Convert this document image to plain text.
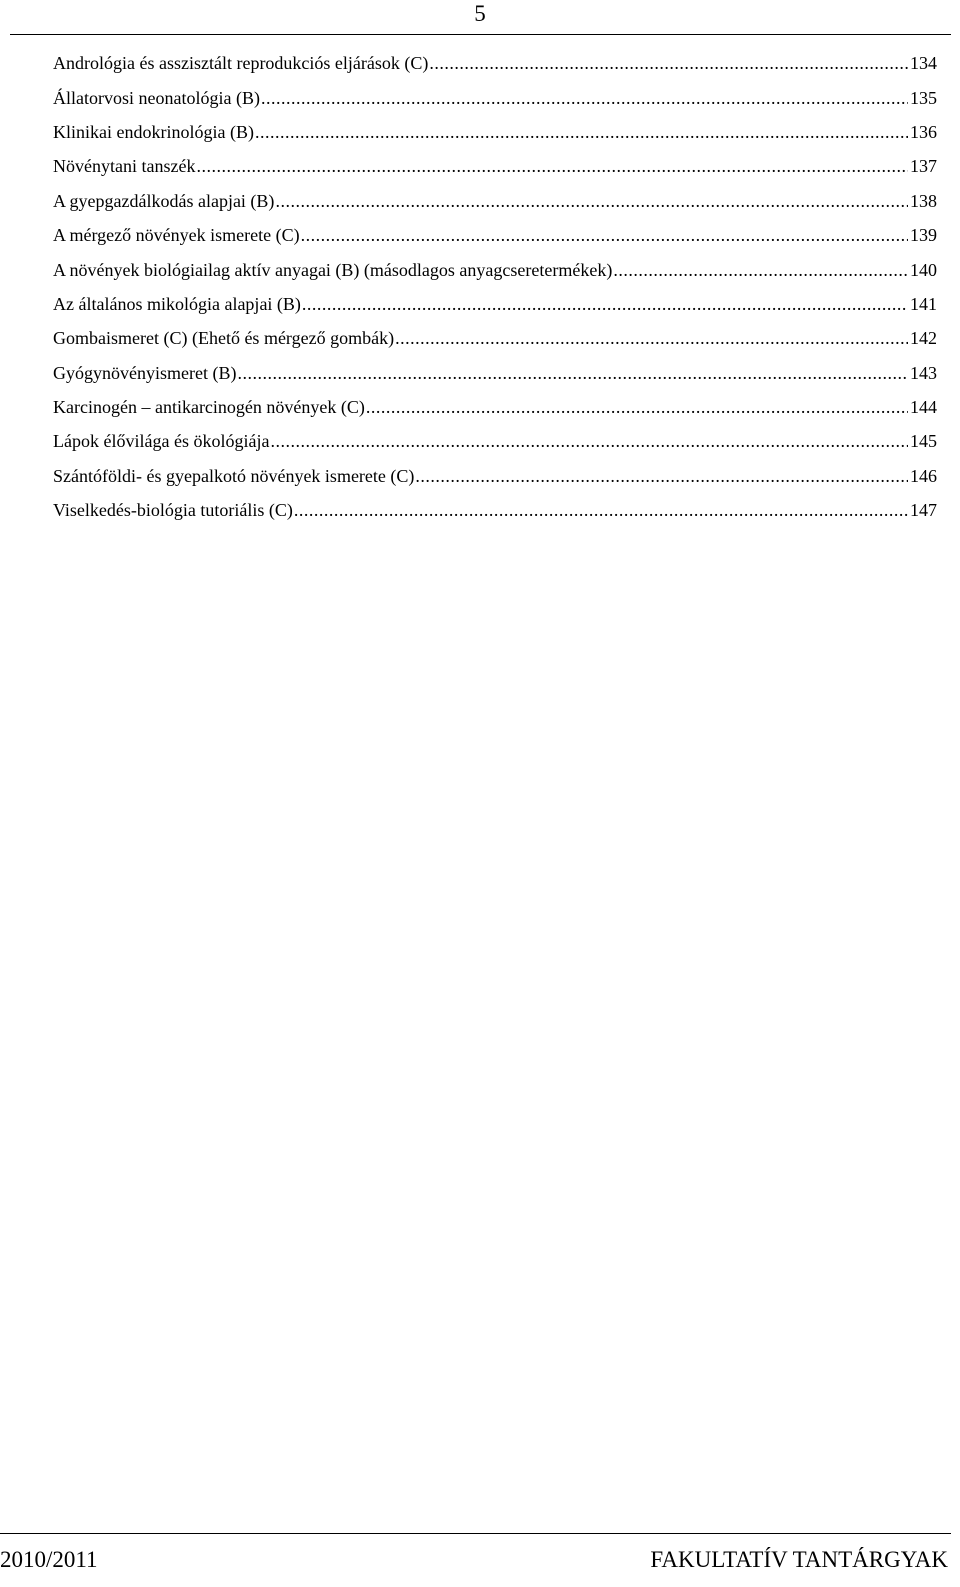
5
Andrológia és asszisztált reprodukciós eljárások (C) .....	134
Állatorvosi neonatológia (B) .....	135
Klinikai endokrinológia (B) .....	136
Növénytani tanszék .....	137
A gyepgazdálkodás alapjai (B) .....	138
A mérgező növények ismerete (C) .....	139
A növények biológiailag aktív anyagai (B) (másodlagos anyagcseretermékek) .....	140
Az általános mikológia alapjai (B) .....	141
Gombaismeret (C) (Ehető és mérgező gombák) .....	142
Gyógynövényismeret (B) .....	143
Karcinogén – antikarcinogén növények (C) .....	144
Lápok élővilága és ökológiája .....	145
Szántóföldi- és gyepalkotó növények ismerete (C) .....	146
Viselkedés-biológia tutoriális (C) .....	147
2010/2011	FAKULTATÍV TANTÁRGYAK
